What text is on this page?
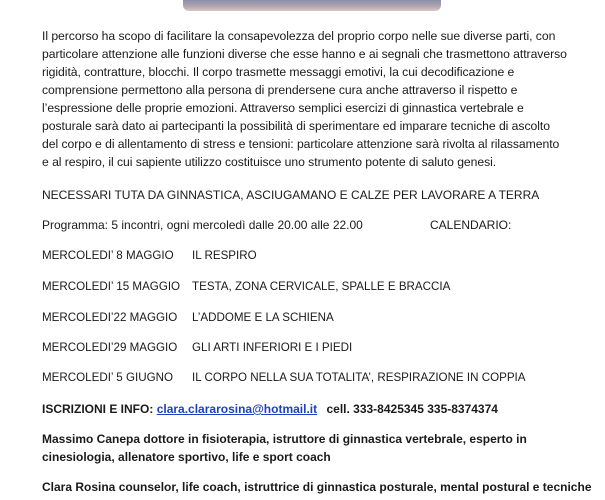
Il percorso ha scopo di facilitare la consapevolezza del proprio corpo nelle sue diverse parti, con
particolare attenzione alle funzioni diverse che esse hanno e ai segnali che trasmettono attraverso
rigidità, contratture, blocchi. Il corpo trasmette messaggi emotivi, la cui decodificazione e
comprensione permettono alla persona di prendersene cura anche attraverso il rispetto e
l’espressione delle proprie emozioni. Attraverso semplici esercizi di ginnastica vertebrale e
posturale sarà dato ai partecipanti la possibilità di sperimentare ed imparare tecniche di ascolto
del corpo e di allentamento di stress e tensioni: particolare attenzione sarà rivolta al rilassamento
e al respiro, il cui sapiente utilizzo costituisce uno strumento potente di saluto genesi.

NECESSARI TUTA DA GINNASTICA, ASCIUGAMANO E CALZE PER LAVORARE A TERRA
Programma: 5 incontri, ogni mercoledì dalle 20.00 alle 22.00	CALENDARIO:
MERCOLEDI’ 8 MAGGIO IL RESPIRO
MERCOLEDI’ 15 MAGGIO TESTA, ZONA CERVICALE, SPALLE E BRACCIA
MERCOLEDI’22 MAGGIO L’ADDOME E LA SCHIENA
MERCOLEDI’29 MAGGIO GLI ARTI INFERIORI E I PIEDI
MERCOLEDI’ 5 GIUGNO IL CORPO NELLA SUA TOTALITA’, RESPIRAZIONE IN COPPIA
ISCRIZIONI E INFO: clara.clararosina@hotmail.it cell. 333-8425345 335-8374374
Massimo Canepa dottore in fisioterapia, istruttore di ginnastica vertebrale, esperto in
cinesiologia, allenatore sportivo, life e sport coach
Clara Rosina counselor, life coach, istruttrice di ginnastica posturale, mental postural e tecniche
